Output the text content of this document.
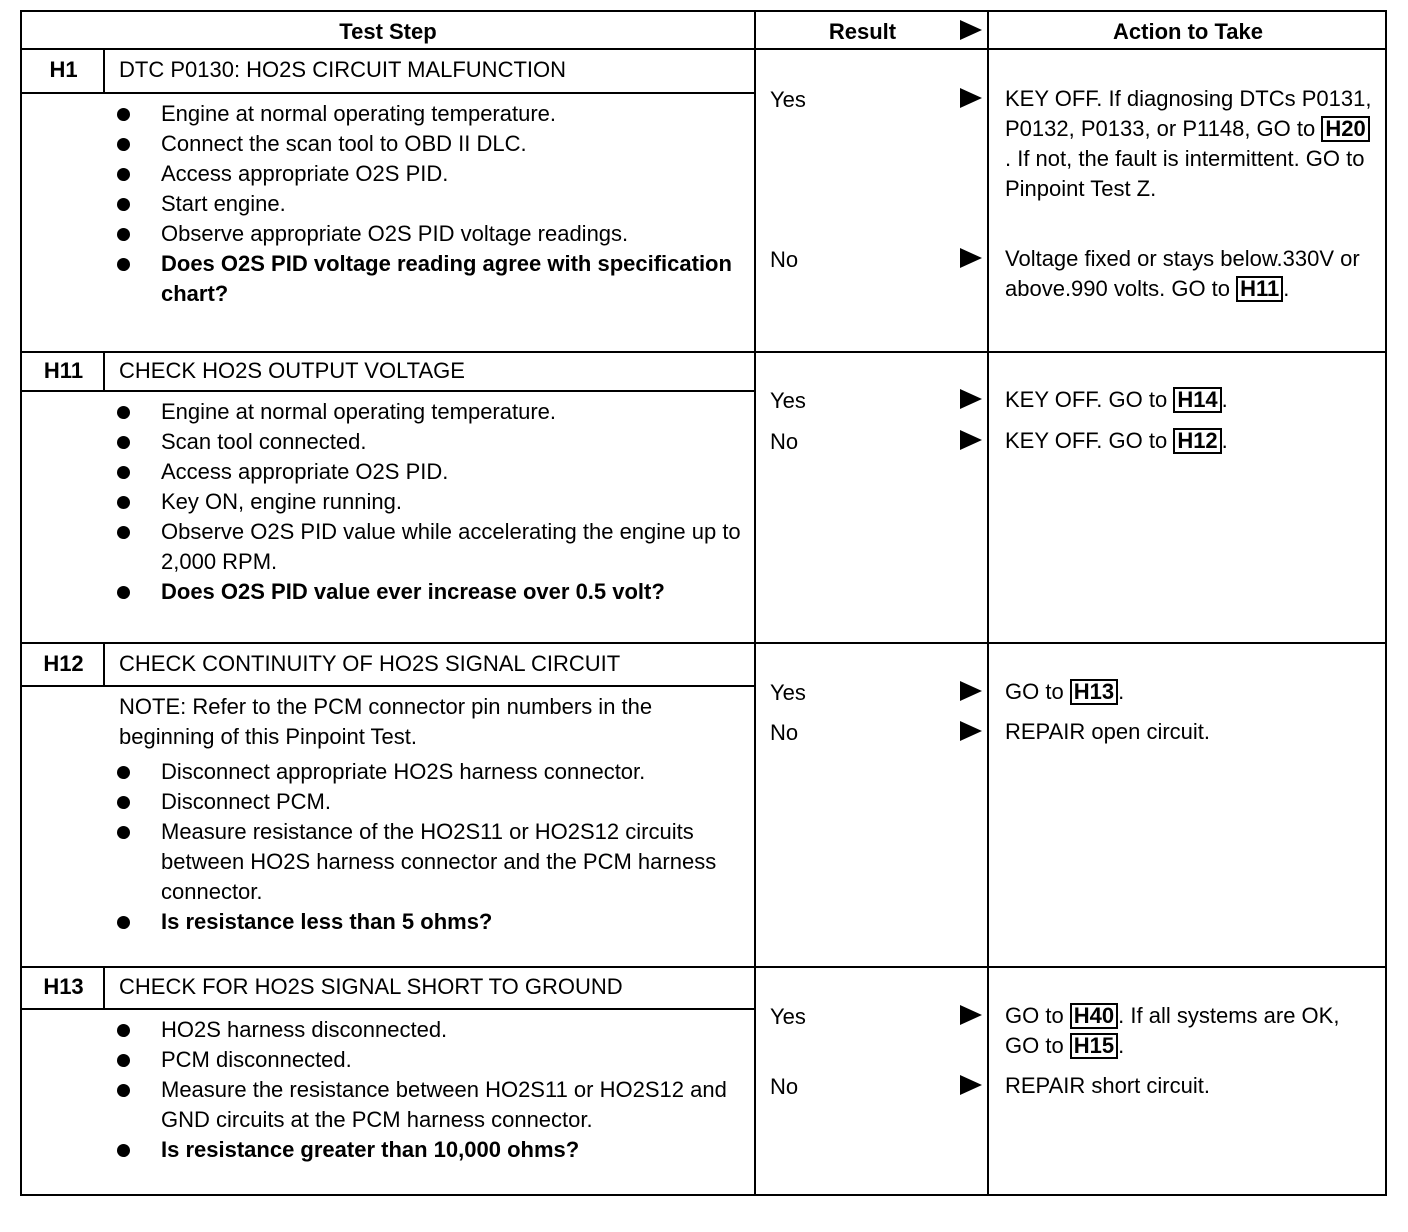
Test Step	Result	Action to Take
H1	DTC P0130: HO2S CIRCUIT MALFUNCTION
Engine at normal operating temperature.
Connect the scan tool to OBD II DLC.
Access appropriate O2S PID.
Start engine.
Observe appropriate O2S PID voltage readings.
Does O2S PID voltage reading agree with specification chart?
Yes	KEY OFF. If diagnosing DTCs P0131, P0132, P0133, or P1148, GO to H20. If not, the fault is intermittent. GO to Pinpoint Test Z.
No	Voltage fixed or stays below.330V or above.990 volts. GO to H11 .
H11	CHECK HO2S OUTPUT VOLTAGE
Engine at normal operating temperature.
Scan tool connected.
Access appropriate O2S PID.
Key ON, engine running.
Observe O2S PID value while accelerating the engine up to 2,000 RPM.
Does O2S PID value ever increase over 0.5 volt?
Yes	KEY OFF. GO to H14 .
No	KEY OFF. GO to H12 .
H12	CHECK CONTINUITY OF HO2S SIGNAL CIRCUIT
NOTE: Refer to the PCM connector pin numbers in the beginning of this Pinpoint Test.
Disconnect appropriate HO2S harness connector.
Disconnect PCM.
Measure resistance of the HO2S11 or HO2S12 circuits between HO2S harness connector and the PCM harness connector.
Is resistance less than 5 ohms?
Yes	GO to H13 .
No	REPAIR open circuit.
H13	CHECK FOR HO2S SIGNAL SHORT TO GROUND
HO2S harness disconnected.
PCM disconnected.
Measure the resistance between HO2S11 or HO2S12 and GND circuits at the PCM harness connector.
Is resistance greater than 10,000 ohms?
Yes	GO to H40 . If all systems are OK, GO to H15 .
No	REPAIR short circuit.
